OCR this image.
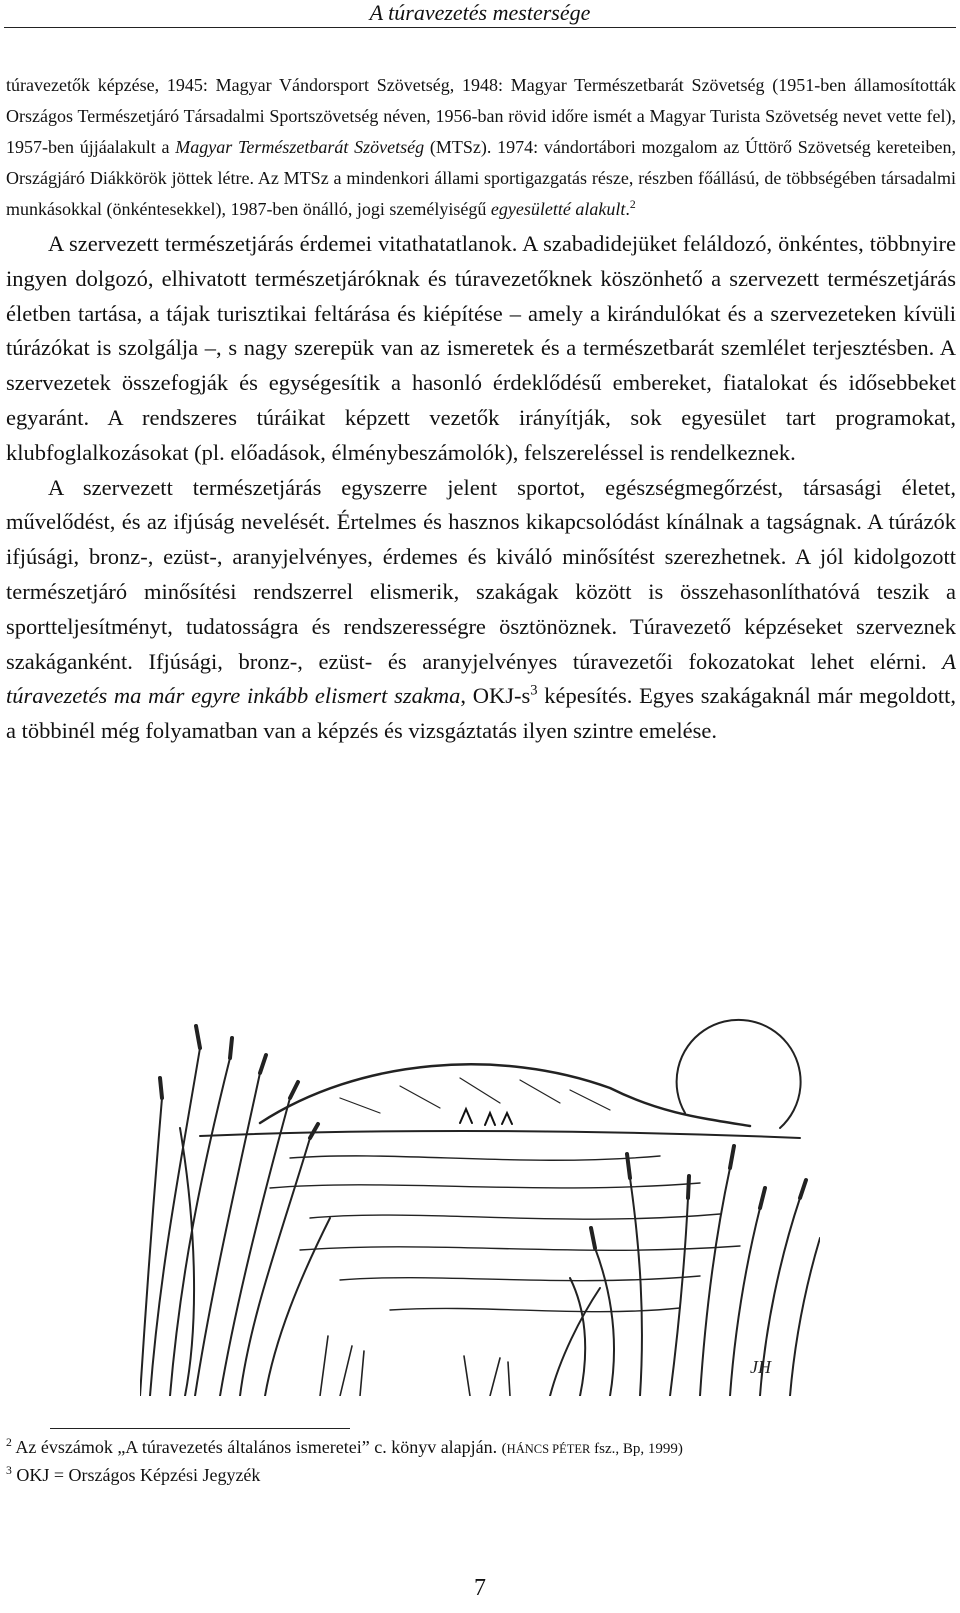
A túravezetés mestersége

túravezetők képzése, 1945: Magyar Vándorsport Szövetség, 1948: Magyar Természetbarát Szövetség (1951-ben államosították Országos Természetjáró Társadalmi Sportszövetség néven, 1956-ban rövid időre ismét a Magyar Turista Szövetség nevet vette fel), 1957-ben újjáalakult a Magyar Természetbarát Szövetség (MTSz). 1974: vándortábori mozgalom az Úttörő Szövetség kereteiben, Országjáró Diákkörök jöttek létre. Az MTSz a mindenkori állami sportigazgatás része, részben főállású, de többségében társadalmi munkásokkal (önkéntesekkel), 1987-ben önálló, jogi személyiségű egyesületté alakult.$^2$

A szervezett természetjárás érdemei vitathatatlanok. A szabadidejüket feláldozó, önkéntes, többnyire ingyen dolgozó, elhivatott természetjáróknak és túravezetőknek köszönhető a szervezett természetjárás életben tartása, a tájak turisztikai feltárása és kiépítése – amely a kirándulókat és a szervezeteken kívüli túrázókat is szolgálja –, s nagy szerepük van az ismeretek és a természetbarát szemlélet terjesztésben. A szervezetek összefogják és egységesítik a hasonló érdeklődésű embereket, fiatalokat és idősebbeket egyaránt. A rendszeres túráikat képzett vezetők irányítják, sok egyesület tart programokat, klubfoglalkozásokat (pl. előadások, élménybeszámolók), felszereléssel is rendelkeznek.

A szervezett természetjárás egyszerre jelent sportot, egészségmegőrzést, társasági életet, művelődést, és az ifjúság nevelését. Értelmes és hasznos kikapcsolódást kínálnak a tagságnak. A túrázók ifjúsági, bronz-, ezüst-, aranyjelvényes, érdemes és kiváló minősítést szerezhetnek. A jól kidolgozott természetjáró minősítési rendszerrel elismerik, szakágak között is összehasonlíthatóvá teszik a sportteljesítményt, tudatosságra és rendszerességre ösztönöznek. Túravezető képzéseket szerveznek szakáganként. Ifjúsági, bronz-, ezüst- és aranyjelvényes túravezetői fokozatokat lehet elérni. A túravezetés ma már egyre inkább elismert szakma, OKJ-$s^3$ képesítés. Egyes szakágaknál már megoldott, a többinél még folyamatban van a képzés és vizsgáztatás ilyen szintre emelése.

JH
$^2$ Az évszámok „A túravezetés általános ismeretei” c. könyv alapján. (HÁNCS PÉTER fsz., Bp, 1999)
$^3$ OKJ = Országos Képzési Jegyzék
7
